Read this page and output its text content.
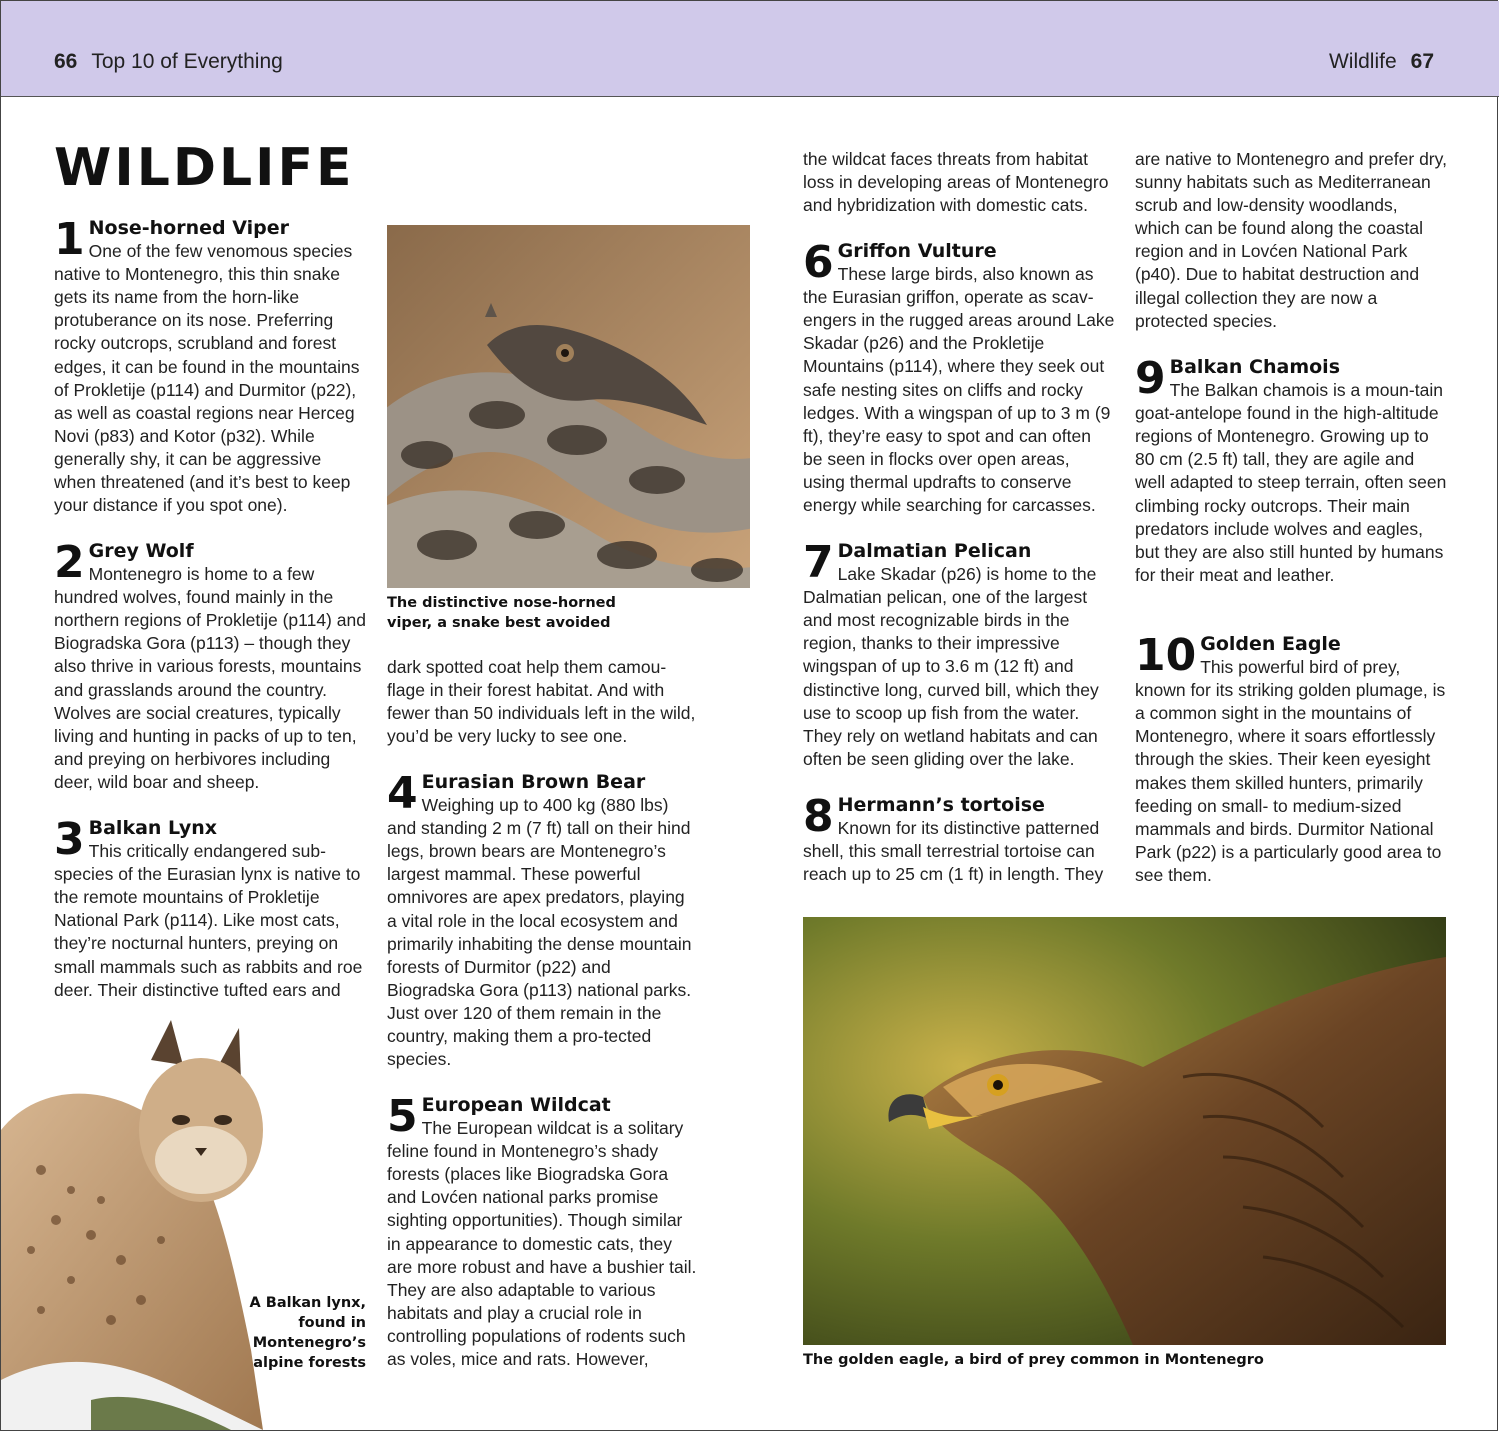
66 Top 10 of Everything	Wildlife 67
WILDLIFE
1 Nose-horned Viper
One of the few venomous species native to Montenegro, this thin snake gets its name from the horn-like protuberance on its nose. Preferring rocky outcrops, scrubland and forest edges, it can be found in the mountains of Prokletije (p114) and Durmitor (p22), as well as coastal regions near Herceg Novi (p83) and Kotor (p32). While generally shy, it can be aggressive when threatened (and it’s best to keep your distance if you spot one).
2 Grey Wolf
Montenegro is home to a few hundred wolves, found mainly in the northern regions of Prokletije (p114) and Biogradska Gora (p113) – though they also thrive in various forests, mountains and grasslands around the country. Wolves are social creatures, typically living and hunting in packs of up to ten, and preying on herbivores including deer, wild boar and sheep.
3 Balkan Lynx
This critically endangered sub-species of the Eurasian lynx is native to the remote mountains of Prokletije National Park (p114). Like most cats, they’re nocturnal hunters, preying on small mammals such as rabbits and roe deer. Their distinctive tufted ears and
A Balkan lynx, found in Montenegro’s alpine forests
The distinctive nose-horned viper, a snake best avoided
dark spotted coat help them camou-flage in their forest habitat. And with fewer than 50 individuals left in the wild, you’d be very lucky to see one.
4 Eurasian Brown Bear
Weighing up to 400 kg (880 lbs) and standing 2 m (7 ft) tall on their hind legs, brown bears are Montenegro’s largest mammal. These powerful omnivores are apex predators, playing a vital role in the local ecosystem and primarily inhabiting the dense mountain forests of Durmitor (p22) and Biogradska Gora (p113) national parks. Just over 120 of them remain in the country, making them a pro-tected species.
5 European Wildcat
The European wildcat is a solitary feline found in Montenegro’s shady forests (places like Biogradska Gora and Lovćen national parks promise sighting opportunities). Though similar in appearance to domestic cats, they are more robust and have a bushier tail. They are also adaptable to various habitats and play a crucial role in controlling populations of rodents such as voles, mice and rats. However,
the wildcat faces threats from habitat loss in developing areas of Montenegro and hybridization with domestic cats.
6 Griffon Vulture
These large birds, also known as the Eurasian griffon, operate as scav-engers in the rugged areas around Lake Skadar (p26) and the Prokletije Mountains (p114), where they seek out safe nesting sites on cliffs and rocky ledges. With a wingspan of up to 3 m (9 ft), they’re easy to spot and can often be seen in flocks over open areas, using thermal updrafts to conserve energy while searching for carcasses.
7 Dalmatian Pelican
Lake Skadar (p26) is home to the Dalmatian pelican, one of the largest and most recognizable birds in the region, thanks to their impressive wingspan of up to 3.6 m (12 ft) and distinctive long, curved bill, which they use to scoop up fish from the water. They rely on wetland habitats and can often be seen gliding over the lake.
8 Hermann’s tortoise
Known for its distinctive patterned shell, this small terrestrial tortoise can reach up to 25 cm (1 ft) in length. They
are native to Montenegro and prefer dry, sunny habitats such as Mediterranean scrub and low-density woodlands, which can be found along the coastal region and in Lovćen National Park (p40). Due to habitat destruction and illegal collection they are now a protected species.
9 Balkan Chamois
The Balkan chamois is a moun-tain goat-antelope found in the high-altitude regions of Montenegro. Growing up to 80 cm (2.5 ft) tall, they are agile and well adapted to steep terrain, often seen climbing rocky outcrops. Their main predators include wolves and eagles, but they are also still hunted by humans for their meat and leather.
10 Golden Eagle
This powerful bird of prey, known for its striking golden plumage, is a common sight in the mountains of Montenegro, where it soars effortlessly through the skies. Their keen eyesight makes them skilled hunters, primarily feeding on small- to medium-sized mammals and birds. Durmitor National Park (p22) is a particularly good area to see them.
The golden eagle, a bird of prey common in Montenegro
